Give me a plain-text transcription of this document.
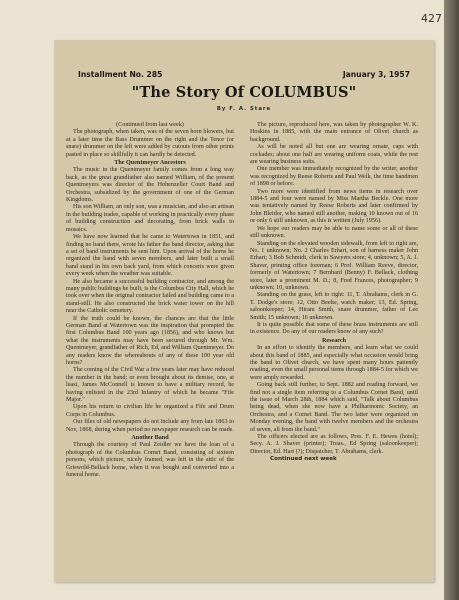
427
Installment No. 285	January 3, 1957
"The Story Of COLUMBUS"
By F. A. Stare

(Continued from last week)

The photograph, when taken, was of the seven horn blowers, but at a later time the Bass Drummer on the right and the Tenor (or snare) drummer on the left were added by cutouts from other prints pasted in place so skillfully it can hardly be detected.

The Quentmeyer Ancestors

The music in the Quentmeyer family comes from a long way back, as the great grandfather also named William, of the present Quentmeyers was director of the Hohenzeller Court Band and Orchestra, subsidized by the government of one of the German Kingdoms.

His son William, an only son, was a musician, and also an artisan in the building trades, capable of working in practically every phase of building construction and decorating, from brick walls to mosaics.

We have now learned that he came to Watertown in 1851, and finding no band there, wrote his father the band director, asking that a set of band instruments be sent him. Upon arrival of the horns he organized the band with seven members, and later built a small band stand in his own back yard, from which concerts were given every week when the weather was suitable.

He also became a successful building contractor, and among the many public buildings he built, is the Columbus City Hall, which he took over when the original contractor failed and building came to a stand-still. He also constructed the brick water tower on the hill near the Catholic cemetery.

If the truth could be known, the chances are that the little German Band at Watertown was the inspiration that prompted the first Columbus Band 100 years ago (1856), and who knows but what the instruments may have been secured through Mr. Wm. Quentmeyer, grandfather of Rich, Ed, and William Quentmeyer. Do any readers know the whereabouts of any of these 100 year old horns?

The coming of the Civil War a few years later may have reduced the number in the band; or even brought about its demise, one, at least, James McConnell is known to have a military record, he having enlisted in the 23rd Infantry of which he became "Fife Major."

Upon his return to civilian life he organized a Fife and Drum Corps in Columbus.

Our files of old newspapers do not include any from late 1863 to Nov, 1868, during when period no newspaper research can be made.

Another Band

Through the courtesy of Paul Zeidler we have the loan of a photograph of the Columbus Cornet Band, consisting of sixteen persons, which picture, nicely framed, was left in the attic of the Griswold-Bellack home, when it was bought and converted into a funeral home.

The picture, reproduced here, was taken by photographer W. K. Hoskins in 1885, with the main entrance of Olivet church as background.

As will be noted all but one are wearing ornate, caps with cockades; about one half are wearing uniform coats, while the rest are wearing business suits.

One member was immediately recognized by the writer, another was recognized by Reese Roberts and Paul Welk, the time bandmen of 1898 or before.

Two more were identified from news items in research over 1884-5 and four were named by Miss Martha Beckle. One more was tentatively named by Reese Roberts and later confirmed by John Bleidor, who named still another, making 10 known out of 16 or only 6 still unknown, as this is written (July 1956).

We hope our readers may be able to name some or all of these still unknown.

Standing on the elevated wooden sidewalk, from left to right are, No. 1 unknown; No. 2 Charles Erhart, son of harness maker John Erhart; 3 Bob Schmidt, clerk in Sawyers store; 4, unknown; 5, A. J. Shaver, printing office foreman; 6 Prof. William Reeve, director, formerly of Watertown; 7 Bernhard (Benny) F. Bellack, clothing store, later a prominent M. D.; 8, Fred Frances, photographer; 9 unknown; 10, unknown.

Standing on the grass, left to right: 11, T. Abrahams, clerk in G. T. Dodge's store; 12, Otto Beelte, watch maker; 13, Ed. Spring, saloonkeeper; 14, Hiram Smith, snare drummer, father of Lee Smith; 15 unknown; 16 unknown.

It is quite possible that some of these brass instruments are still in existence. Do any of our readers know of any such?

Research

In an effort to identify the members, and learn what we could about this band of 1885, and especially what occasion would bring the band to Olivet church, we have spent many hours patiently reading, even the small personal items through 1884-5 for which we were amply rewarded.

Going back still further, to Sept. 1882 and reading forward, we find not a single item referring to a Columbus Cornet Band, until the issue of March 28th, 1884 which said, "Talk about Columbus being dead, when she now have a Philharmonic Society, an Orchestra, and a Cornet Band. The two latter were organized on Monday evening, the band with twelve members and the orchestra of seven, all from the band."

The officers elected are as follows, Pres. F. E. Hewes (hotel); Secy. A. J. Shaver (printer); Treas., Ed Spring (saloonkeeper); Director, Ed. Hart (?); Dispatcher, T. Abrahams, clerk.

Continued next week
